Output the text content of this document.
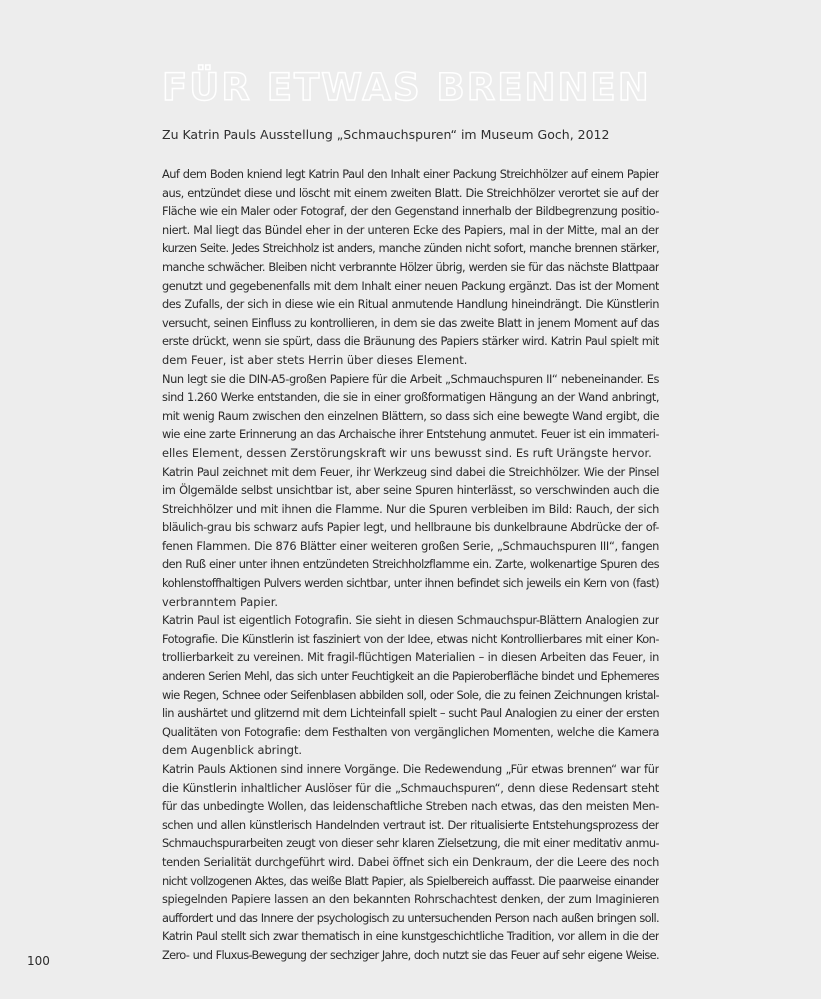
FÜR ETWAS BRENNEN

Zu Katrin Pauls Ausstellung „Schmauchspuren“ im Museum Goch, 2012

Auf dem Boden kniend legt Katrin Paul den Inhalt einer Packung Streichhölzer auf einem Papier
aus, entzündet diese und löscht mit einem zweiten Blatt. Die Streichhölzer verortet sie auf der
Fläche wie ein Maler oder Fotograf, der den Gegenstand innerhalb der Bildbegrenzung positio-
niert. Mal liegt das Bündel eher in der unteren Ecke des Papiers, mal in der Mitte, mal an der
kurzen Seite. Jedes Streichholz ist anders, manche zünden nicht sofort, manche brennen stärker,
manche schwächer. Bleiben nicht verbrannte Hölzer übrig, werden sie für das nächste Blattpaar
genutzt und gegebenenfalls mit dem Inhalt einer neuen Packung ergänzt. Das ist der Moment
des Zufalls, der sich in diese wie ein Ritual anmutende Handlung hineindrängt. Die Künstlerin
versucht, seinen Einfluss zu kontrollieren, in dem sie das zweite Blatt in jenem Moment auf das
erste drückt, wenn sie spürt, dass die Bräunung des Papiers stärker wird. Katrin Paul spielt mit
dem Feuer, ist aber stets Herrin über dieses Element.
Nun legt sie die DIN-A5-großen Papiere für die Arbeit „Schmauchspuren II“ nebeneinander. Es
sind 1.260 Werke entstanden, die sie in einer großformatigen Hängung an der Wand anbringt,
mit wenig Raum zwischen den einzelnen Blättern, so dass sich eine bewegte Wand ergibt, die
wie eine zarte Erinnerung an das Archaische ihrer Entstehung anmutet. Feuer ist ein immateri-
elles Element, dessen Zerstörungskraft wir uns bewusst sind. Es ruft Urängste hervor.
Katrin Paul zeichnet mit dem Feuer, ihr Werkzeug sind dabei die Streichhölzer. Wie der Pinsel
im Ölgemälde selbst unsichtbar ist, aber seine Spuren hinterlässt, so verschwinden auch die
Streichhölzer und mit ihnen die Flamme. Nur die Spuren verbleiben im Bild: Rauch, der sich
bläulich-grau bis schwarz aufs Papier legt, und hellbraune bis dunkelbraune Abdrücke der of-
fenen Flammen. Die 876 Blätter einer weiteren großen Serie, „Schmauchspuren III“, fangen
den Ruß einer unter ihnen entzündeten Streichholzflamme ein. Zarte, wolkenartige Spuren des
kohlenstoffhaltigen Pulvers werden sichtbar, unter ihnen befindet sich jeweils ein Kern von (fast)
verbranntem Papier.
Katrin Paul ist eigentlich Fotografin. Sie sieht in diesen Schmauchspur-Blättern Analogien zur
Fotografie. Die Künstlerin ist fasziniert von der Idee, etwas nicht Kontrollierbares mit einer Kon-
trollierbarkeit zu vereinen. Mit fragil-flüchtigen Materialien – in diesen Arbeiten das Feuer, in
anderen Serien Mehl, das sich unter Feuchtigkeit an die Papieroberfläche bindet und Ephemeres
wie Regen, Schnee oder Seifenblasen abbilden soll, oder Sole, die zu feinen Zeichnungen kristal-
lin aushärtet und glitzernd mit dem Lichteinfall spielt – sucht Paul Analogien zu einer der ersten
Qualitäten von Fotografie: dem Festhalten von vergänglichen Momenten, welche die Kamera
dem Augenblick abringt.
Katrin Pauls Aktionen sind innere Vorgänge. Die Redewendung „Für etwas brennen“ war für
die Künstlerin inhaltlicher Auslöser für die „Schmauchspuren“, denn diese Redensart steht
für das unbedingte Wollen, das leidenschaftliche Streben nach etwas, das den meisten Men-
schen und allen künstlerisch Handelnden vertraut ist. Der ritualisierte Entstehungsprozess der
Schmauchspurarbeiten zeugt von dieser sehr klaren Zielsetzung, die mit einer meditativ anmu-
tenden Serialität durchgeführt wird. Dabei öffnet sich ein Denkraum, der die Leere des noch
nicht vollzogenen Aktes, das weiße Blatt Papier, als Spielbereich auffasst. Die paarweise einander
spiegelnden Papiere lassen an den bekannten Rohrschachtest denken, der zum Imaginieren
auffordert und das Innere der psychologisch zu untersuchenden Person nach außen bringen soll.
Katrin Paul stellt sich zwar thematisch in eine kunstgeschichtliche Tradition, vor allem in die der
Zero- und Fluxus-Bewegung der sechziger Jahre, doch nutzt sie das Feuer auf sehr eigene Weise.
100
